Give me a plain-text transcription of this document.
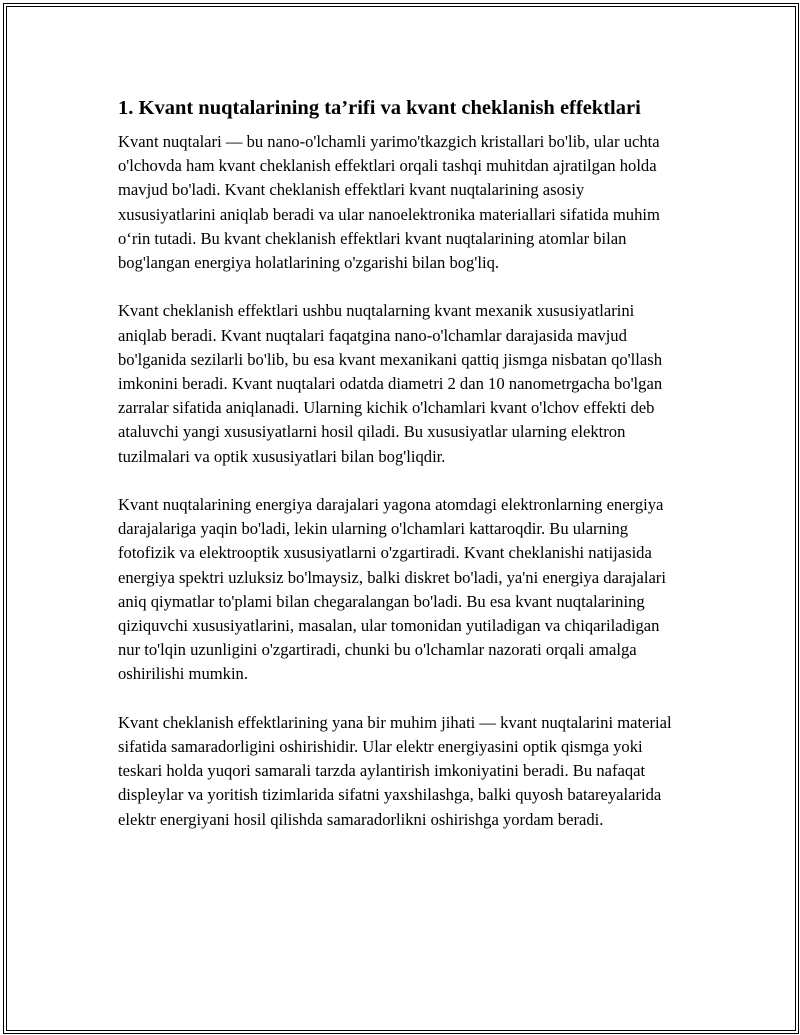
1. Kvant nuqtalarining ta’rifi va kvant cheklanish effektlari

Kvant nuqtalari — bu nano-o'lchamli yarimo'tkazgich kristallari bo'lib, ular uchta o'lchovda ham kvant cheklanish effektlari orqali tashqi muhitdan ajratilgan holda mavjud bo'ladi. Kvant cheklanish effektlari kvant nuqtalarining asosiy xususiyatlarini aniqlab beradi va ular nanoelektronika materiallari sifatida muhim o‘rin tutadi. Bu kvant cheklanish effektlari kvant nuqtalarining atomlar bilan bog'langan energiya holatlarining o'zgarishi bilan bog'liq.

Kvant cheklanish effektlari ushbu nuqtalarning kvant mexanik xususiyatlarini aniqlab beradi. Kvant nuqtalari faqatgina nano-o'lchamlar darajasida mavjud bo'lganida sezilarli bo'lib, bu esa kvant mexanikani qattiq jismga nisbatan qo'llash imkonini beradi. Kvant nuqtalari odatda diametri 2 dan 10 nanometrgacha bo'lgan zarralar sifatida aniqlanadi. Ularning kichik o'lchamlari kvant o'lchov effekti deb ataluvchi yangi xususiyatlarni hosil qiladi. Bu xususiyatlar ularning elektron tuzilmalari va optik xususiyatlari bilan bog'liqdir.

Kvant nuqtalarining energiya darajalari yagona atomdagi elektronlarning energiya darajalariga yaqin bo'ladi, lekin ularning o'lchamlari kattaroqdir. Bu ularning fotofizik va elektrooptik xususiyatlarni o'zgartiradi. Kvant cheklanishi natijasida energiya spektri uzluksiz bo'lmaysiz, balki diskret bo'ladi, ya'ni energiya darajalari aniq qiymatlar to'plami bilan chegaralangan bo'ladi. Bu esa kvant nuqtalarining qiziquvchi xususiyatlarini, masalan, ular tomonidan yutiladigan va chiqariladigan nur to'lqin uzunligini o'zgartiradi, chunki bu o'lchamlar nazorati orqali amalga oshirilishi mumkin.

Kvant cheklanish effektlarining yana bir muhim jihati — kvant nuqtalarini material sifatida samaradorligini oshirishidir. Ular elektr energiyasini optik qismga yoki teskari holda yuqori samarali tarzda aylantirish imkoniyatini beradi. Bu nafaqat displeylar va yoritish tizimlarida sifatni yaxshilashga, balki quyosh batareyalarida elektr energiyani hosil qilishda samaradorlikni oshirishga yordam beradi.
